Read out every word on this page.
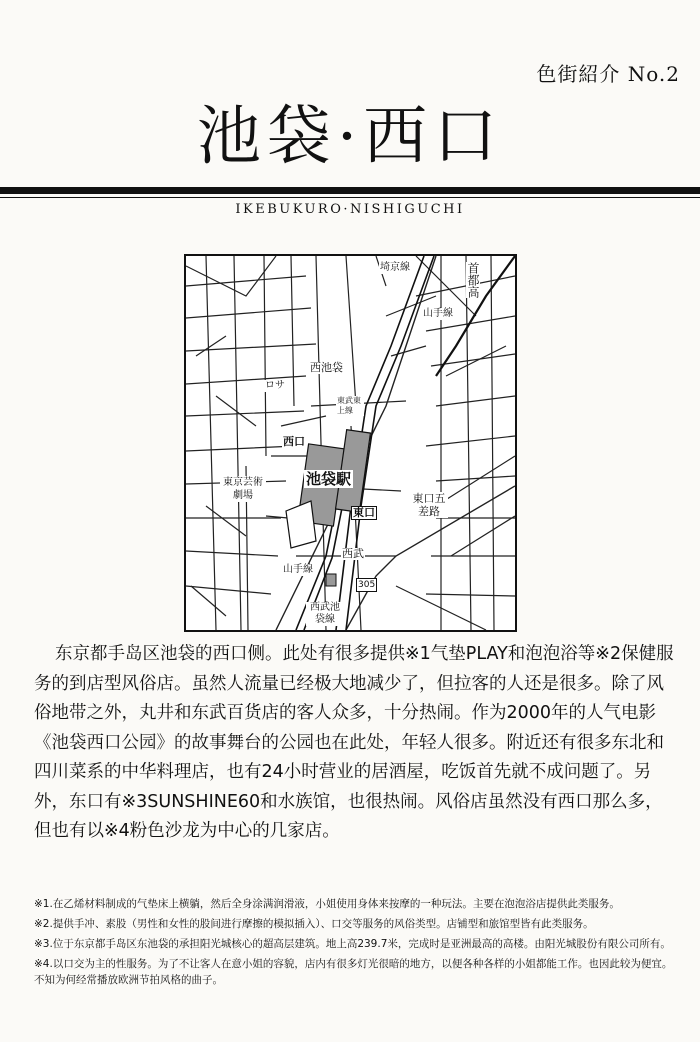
色街紹介 No.2
池袋·西口
IKEBUKURO·NISHIGUCHI
埼京線	首都高
山手線
西池袋
ロサ
東武東上線
西口
東京芸術劇場
池袋駅
東口
東口五差路
西武
山手線
305
西武池袋線

东京都手岛区池袋的西口侧。此处有很多提供※1气垫PLAY和泡泡浴等※2保健服务的到店型风俗店。虽然人流量已经极大地减少了，但拉客的人还是很多。除了风俗地带之外，丸井和东武百货店的客人众多，十分热闹。作为2000年的人气电影《池袋西口公园》的故事舞台的公园也在此处，年轻人很多。附近还有很多东北和四川菜系的中华料理店，也有24小时营业的居酒屋，吃饭首先就不成问题了。另外，东口有※3SUNSHINE60和水族馆，也很热闹。风俗店虽然没有西口那么多，但也有以※4粉色沙龙为中心的几家店。

※1.在乙烯材料制成的气垫床上横躺，然后全身涂满润滑液，小姐使用身体来按摩的一种玩法。主要在泡泡浴店提供此类服务。

※2.提供手冲、素股（男性和女性的股间进行摩擦的模拟插入）、口交等服务的风俗类型。店铺型和旅馆型皆有此类服务。

※3.位于东京都手岛区东池袋的承担阳光城核心的超高层建筑。地上高239.7米，完成时是亚洲最高的高楼。由阳光城股份有限公司所有。

※4.以口交为主的性服务。为了不让客人在意小姐的容貌，店内有很多灯光很暗的地方，以便各种各样的小姐都能工作。也因此较为便宜。不知为何经常播放欧洲节拍风格的曲子。
